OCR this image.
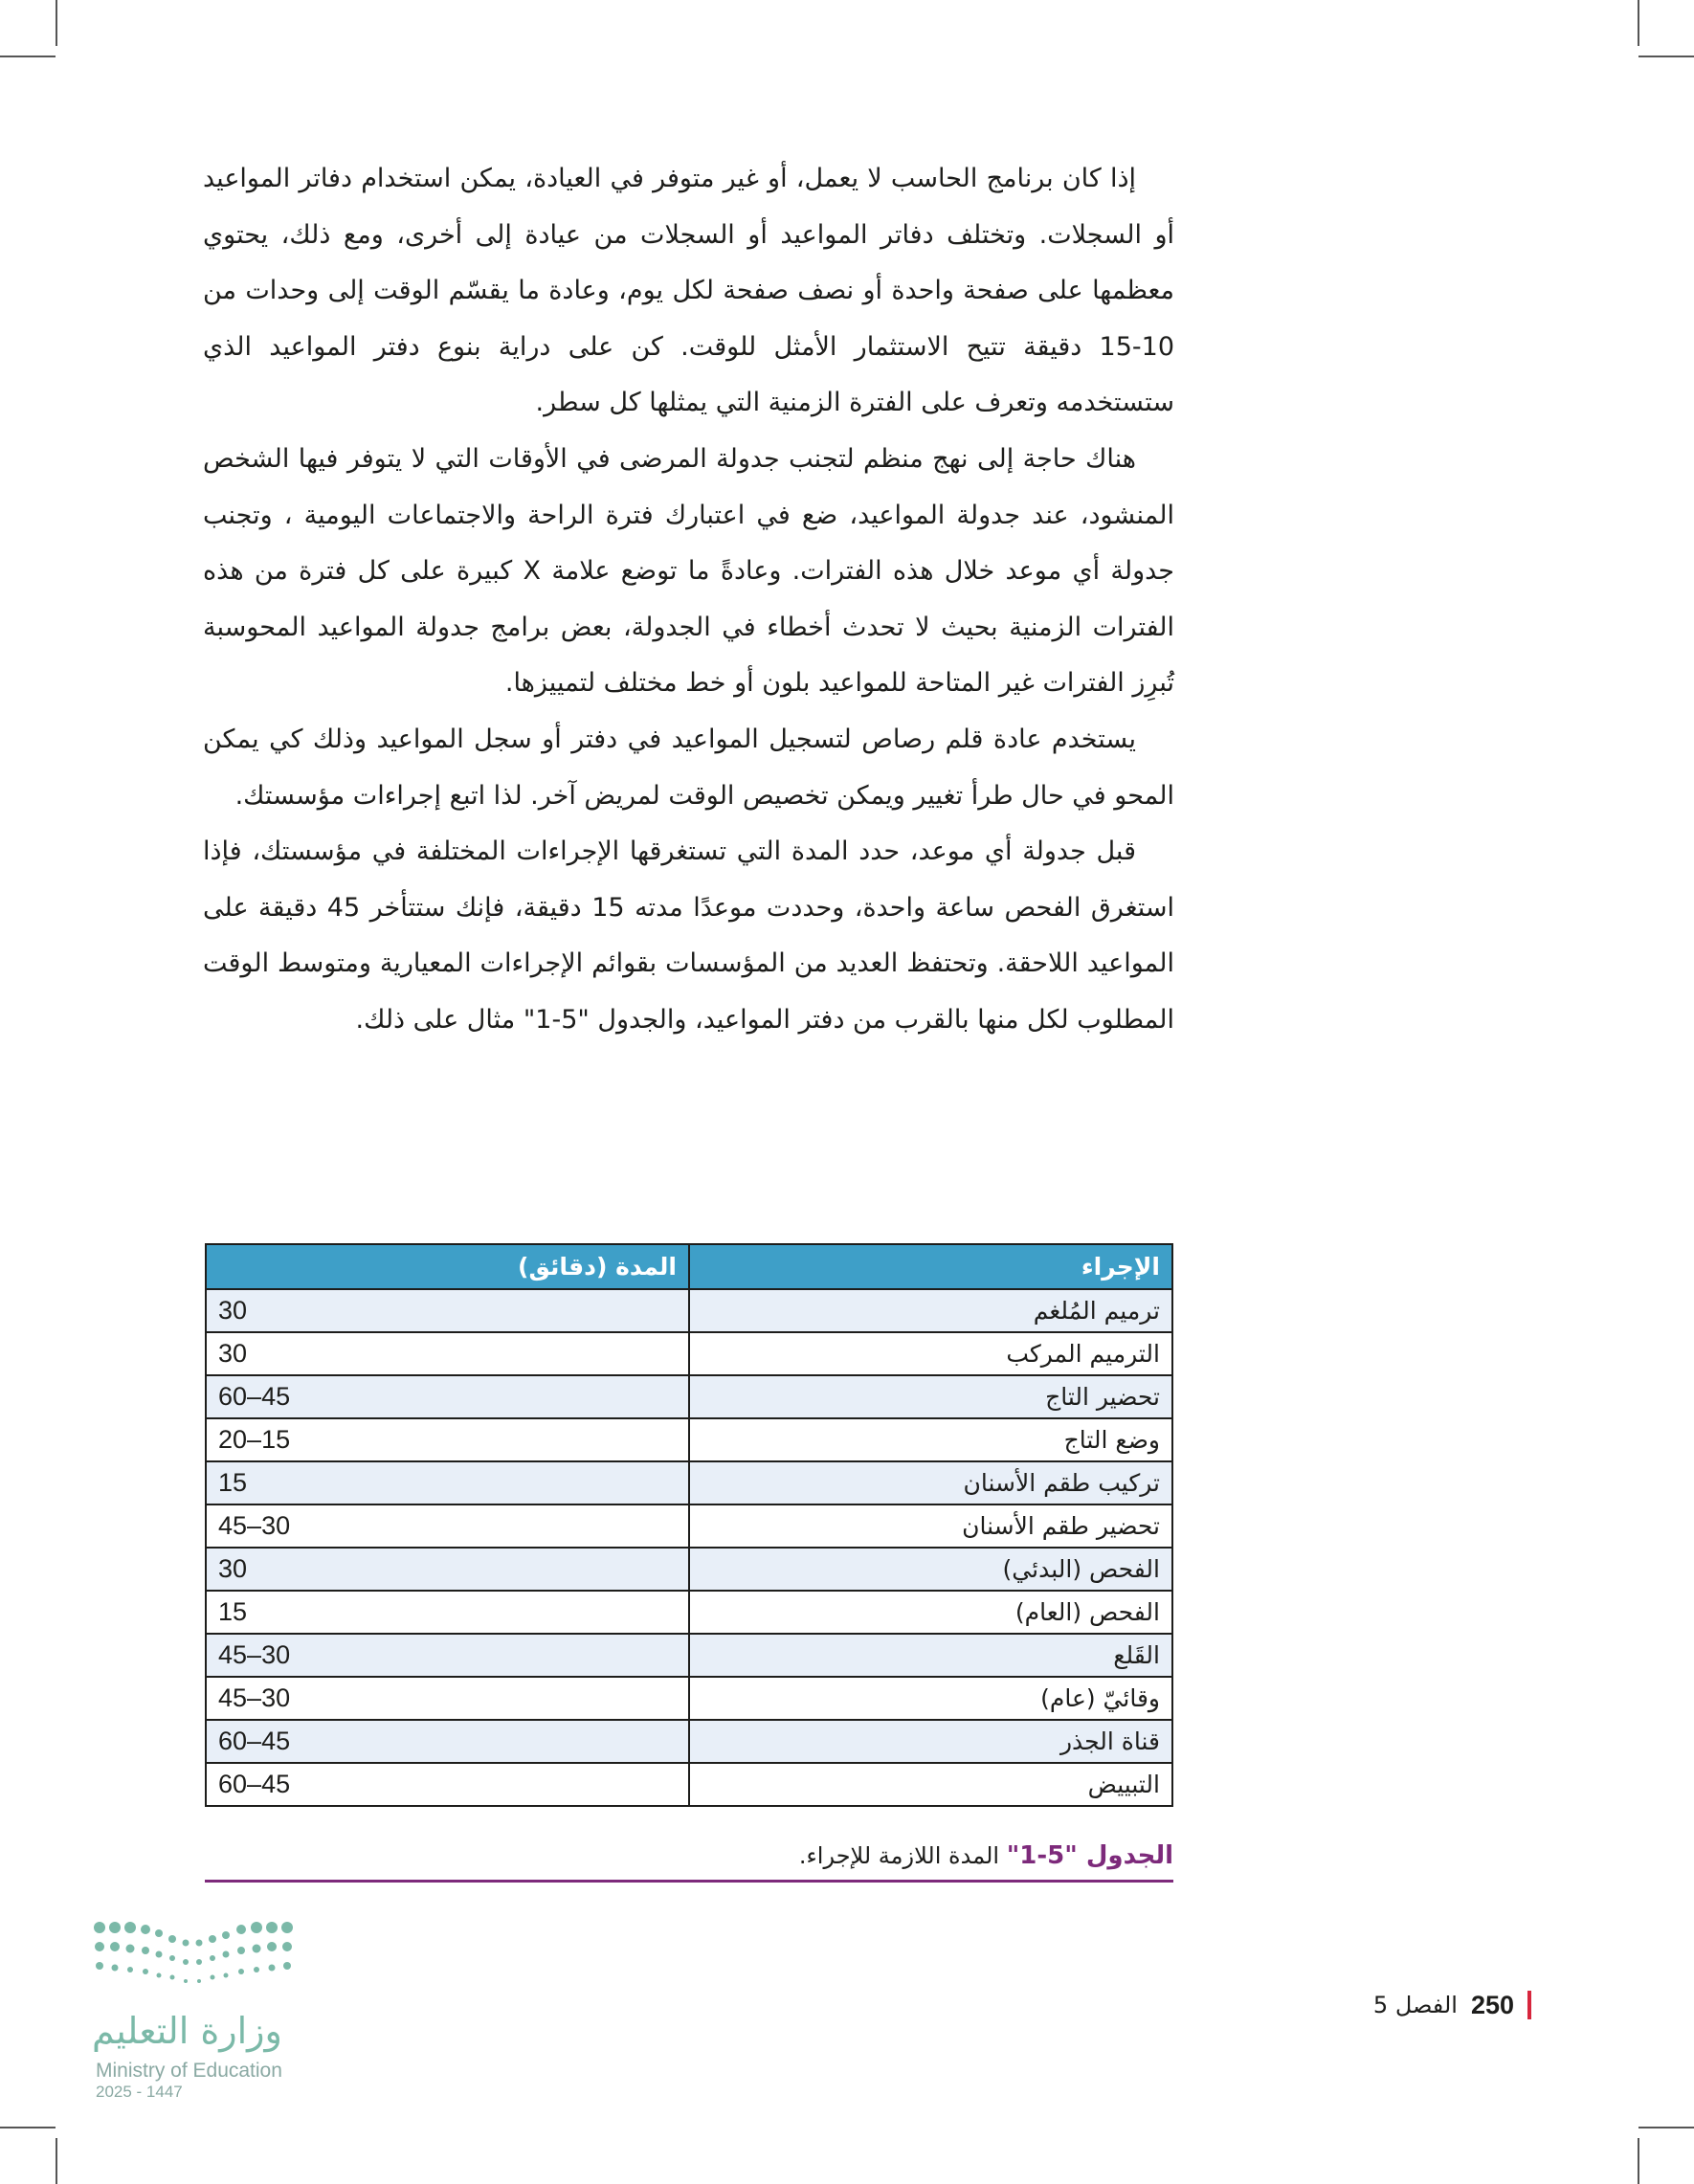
إذا كان برنامج الحاسب لا يعمل، أو غير متوفر في العيادة، يمكن استخدام دفاتر المواعيد أو السجلات. وتختلف دفاتر المواعيد أو السجلات من عيادة إلى أخرى، ومع ذلك، يحتوي معظمها على صفحة واحدة أو نصف صفحة لكل يوم، وعادة ما يقسّم الوقت إلى وحدات من 10-15 دقيقة تتيح الاستثمار الأمثل للوقت. كن على دراية بنوع دفتر المواعيد الذي ستستخدمه وتعرف على الفترة الزمنية التي يمثلها كل سطر.

هناك حاجة إلى نهج منظم لتجنب جدولة المرضى في الأوقات التي لا يتوفر فيها الشخص المنشود، عند جدولة المواعيد، ضع في اعتبارك فترة الراحة والاجتماعات اليومية ، وتجنب جدولة أي موعد خلال هذه الفترات. وعادةً ما توضع علامة X كبيرة على كل فترة من هذه الفترات الزمنية بحيث لا تحدث أخطاء في الجدولة، بعض برامج جدولة المواعيد المحوسبة تُبرِز الفترات غير المتاحة للمواعيد بلون أو خط مختلف لتمييزها.

يستخدم عادة قلم رصاص لتسجيل المواعيد في دفتر أو سجل المواعيد وذلك كي يمكن المحو في حال طرأ تغيير ويمكن تخصيص الوقت لمريض آخر. لذا اتبع إجراءات مؤسستك.

قبل جدولة أي موعد، حدد المدة التي تستغرقها الإجراءات المختلفة في مؤسستك، فإذا استغرق الفحص ساعة واحدة، وحددت موعدًا مدته 15 دقيقة، فإنك ستتأخر 45 دقيقة على المواعيد اللاحقة. وتحتفظ العديد من المؤسسات بقوائم الإجراءات المعيارية ومتوسط الوقت المطلوب لكل منها بالقرب من دفتر المواعيد، والجدول "5-1" مثال على ذلك.

الإجراء	المدة (دقائق)
ترميم المُلغم	30
الترميم المركب	30
تحضير التاج	45–60
وضع التاج	15–20
تركيب طقم الأسنان	15
تحضير طقم الأسنان	30–45
الفحص (البدئي)	30
الفحص (العام)	15
القَلع	30–45
وقائيّ (عام)	30–45
قناة الجذر	45–60
التبييض	45–60
الجدول "5-1" المدة اللازمة للإجراء.
250
الفصل 5
وزارة التعليم
Ministry of Education
2025 - 1447
